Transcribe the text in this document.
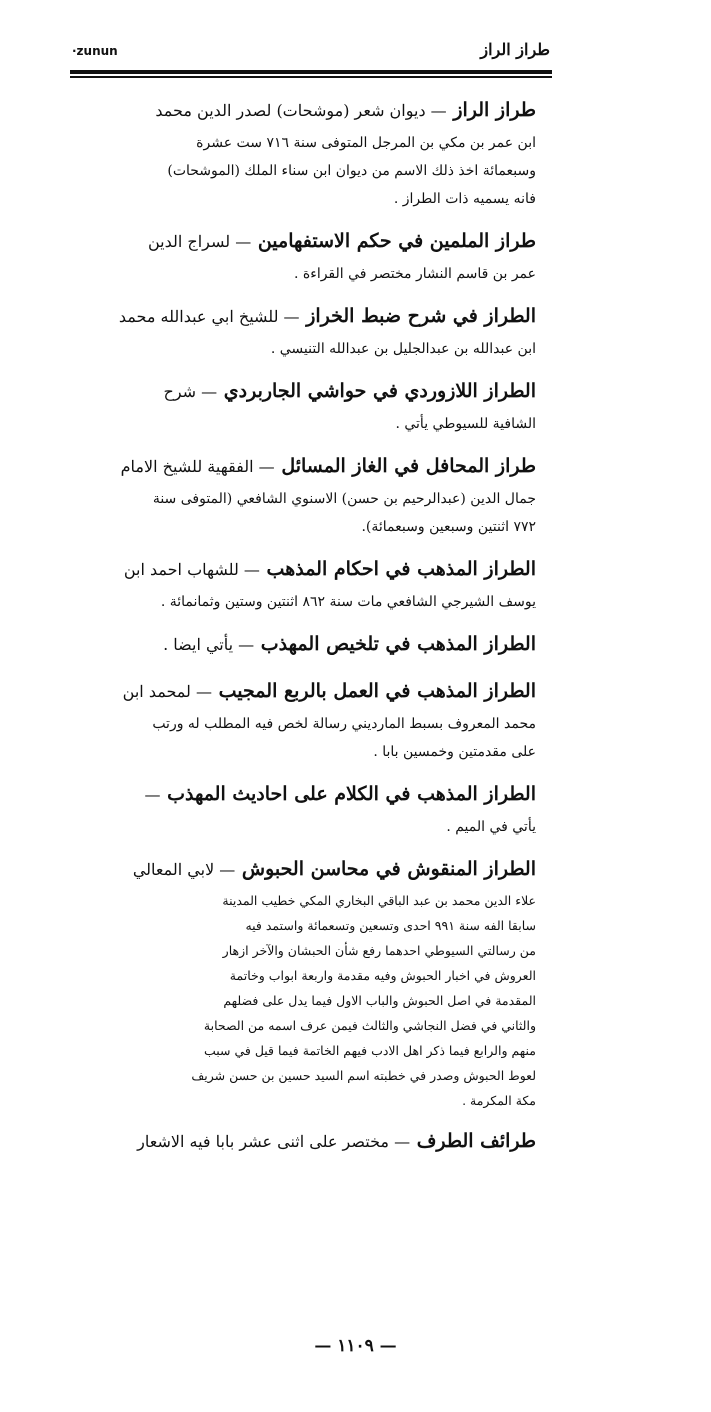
طراز الراز
·zunun

طراز الراز — ديوان شعر (موشحات) لصدر الدين محمد

ابن عمر بن مكي بن المرجل المتوفى سنة ٧١٦ ست عشرة

وسبعمائة اخذ ذلك الاسم من ديوان ابن سناء الملك (الموشحات)

فانه يسميه ذات الطراز .

طراز الملمين في حكم الاستفهامين — لسراج الدين

عمر بن قاسم النشار مختصر في القراءة .

الطراز في شرح ضبط الخراز — للشيخ ابي عبدالله محمد

ابن عبدالله بن عبدالجليل بن عبدالله التنيسي .

الطراز اللازوردي في حواشي الجاربردي — شرح

الشافية للسيوطي يأتي .

طراز المحافل في الغاز المسائل — الفقهية للشيخ الامام

جمال الدين (عبدالرحيم بن حسن) الاسنوي الشافعي (المتوفى سنة

٧٧٢ اثنتين وسبعين وسبعمائة).

الطراز المذهب في احكام المذهب — للشهاب احمد ابن

يوسف الشيرجي الشافعي مات سنة ٨٦٢ اثنتين وستين وثمانمائة .

الطراز المذهب في تلخيص المهذب — يأتي ايضا .

الطراز المذهب في العمل بالربع المجيب — لمحمد ابن

محمد المعروف بسبط المارديني رسالة لخص فيه المطلب له ورتب

على مقدمتين وخمسين بابا .

الطراز المذهب في الكلام على احاديث المهذب —

يأتي في الميم .

الطراز المنقوش في محاسن الحبوش — لابي المعالي

علاء الدين محمد بن عبد الباقي البخاري المكي خطيب المدينة

سابقا الفه سنة ٩٩١ احدى وتسعين وتسعمائة واستمد فيه

من رسالتي السيوطي احدهما رفع شأن الحبشان والآخر ازهار

العروش في اخبار الحبوش وفيه مقدمة واربعة ابواب وخاتمة

المقدمة في اصل الحبوش والباب الاول فيما يدل على فضلهم

والثاني في فضل النجاشي والثالث فيمن عرف اسمه من الصحابة

منهم والرابع فيما ذكر اهل الادب فيهم الخاتمة فيما قيل في سبب

لعوط الحبوش وصدر في خطبته اسم السيد حسين بن حسن شريف

مكة المكرمة .

طرائف الطرف — مختصر على اثنى عشر بابا فيه الاشعار

— ١١٠٩ —
